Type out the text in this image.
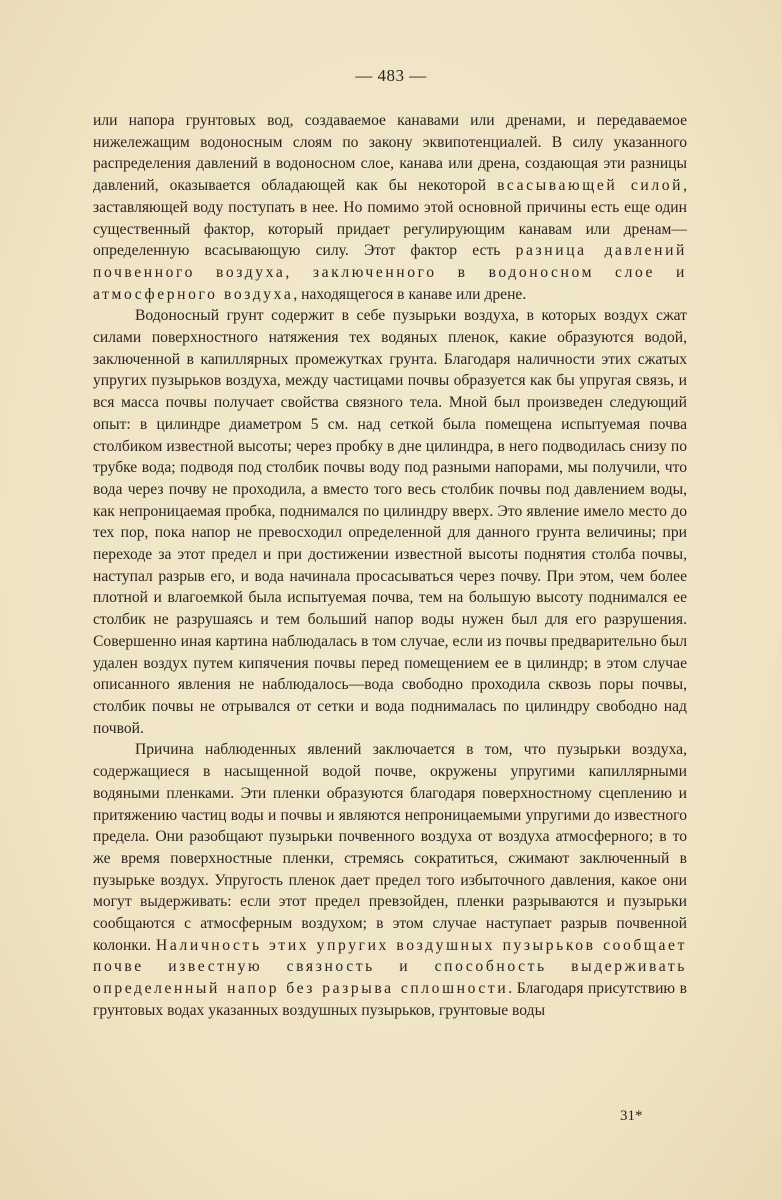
— 483 —

или напора грунтовых вод, создаваемое канавами или дренами, и передаваемое нижележащим водоносным слоям по закону эквипотенциалей. В силу указанного распределения давлений в водоносном слое, канава или дрена, создающая эти разницы давлений, оказывается обладающей как бы некоторой всасывающей силой, заставляющей воду поступать в нее. Но помимо этой основной причины есть еще один существенный фактор, который придает регулирующим канавам или дренам—определенную всасывающую силу. Этот фактор есть разница давлений почвенного воздуха, заключенного в водоносном слое и атмосферного воздуха, находящегося в канаве или дрене.

Водоносный грунт содержит в себе пузырьки воздуха, в которых воздух сжат силами поверхностного натяжения тех водяных пленок, какие образуются водой, заключенной в капиллярных промежутках грунта. Благодаря наличности этих сжатых упругих пузырьков воздуха, между частицами почвы образуется как бы упругая связь, и вся масса почвы получает свойства связного тела. Мной был произведен следующий опыт: в цилиндре диаметром 5 см. над сеткой была помещена испытуемая почва столбиком известной высоты; через пробку в дне цилиндра, в него подводилась снизу по трубке вода; подводя под столбик почвы воду под разными напорами, мы получили, что вода через почву не проходила, а вместо того весь столбик почвы под давлением воды, как непроницаемая пробка, поднимался по цилиндру вверх. Это явление имело место до тех пор, пока напор не превосходил определенной для данного грунта величины; при переходе за этот предел и при достижении известной высоты поднятия столба почвы, наступал разрыв его, и вода начинала просасываться через почву. При этом, чем более плотной и влагоемкой была испытуемая почва, тем на большую высоту поднимался ее столбик не разрушаясь и тем больший напор воды нужен был для его разрушения. Совершенно иная картина наблюдалась в том случае, если из почвы предварительно был удален воздух путем кипячения почвы перед помещением ее в цилиндр; в этом случае описанного явления не наблюдалось—вода свободно проходила сквозь поры почвы, столбик почвы не отрывался от сетки и вода поднималась по цилиндру свободно над почвой.

Причина наблюденных явлений заключается в том, что пузырьки воздуха, содержащиеся в насыщенной водой почве, окружены упругими капиллярными водяными пленками. Эти пленки образуются благодаря поверхностному сцеплению и притяжению частиц воды и почвы и являются непроницаемыми упругими до известного предела. Они разобщают пузырьки почвенного воздуха от воздуха атмосферного; в то же время поверхностные пленки, стремясь сократиться, сжимают заключенный в пузырьке воздух. Упругость пленок дает предел того избыточного давления, какое они могут выдерживать: если этот предел превзойден, пленки разрываются и пузырьки сообщаются с атмосферным воздухом; в этом случае наступает разрыв почвенной колонки. Наличность этих упругих воздушных пузырьков сообщает почве известную связность и способность выдерживать определенный напор без разрыва сплошности. Благодаря присутствию в грунтовых водах указанных воздушных пузырьков, грунтовые воды

31*
